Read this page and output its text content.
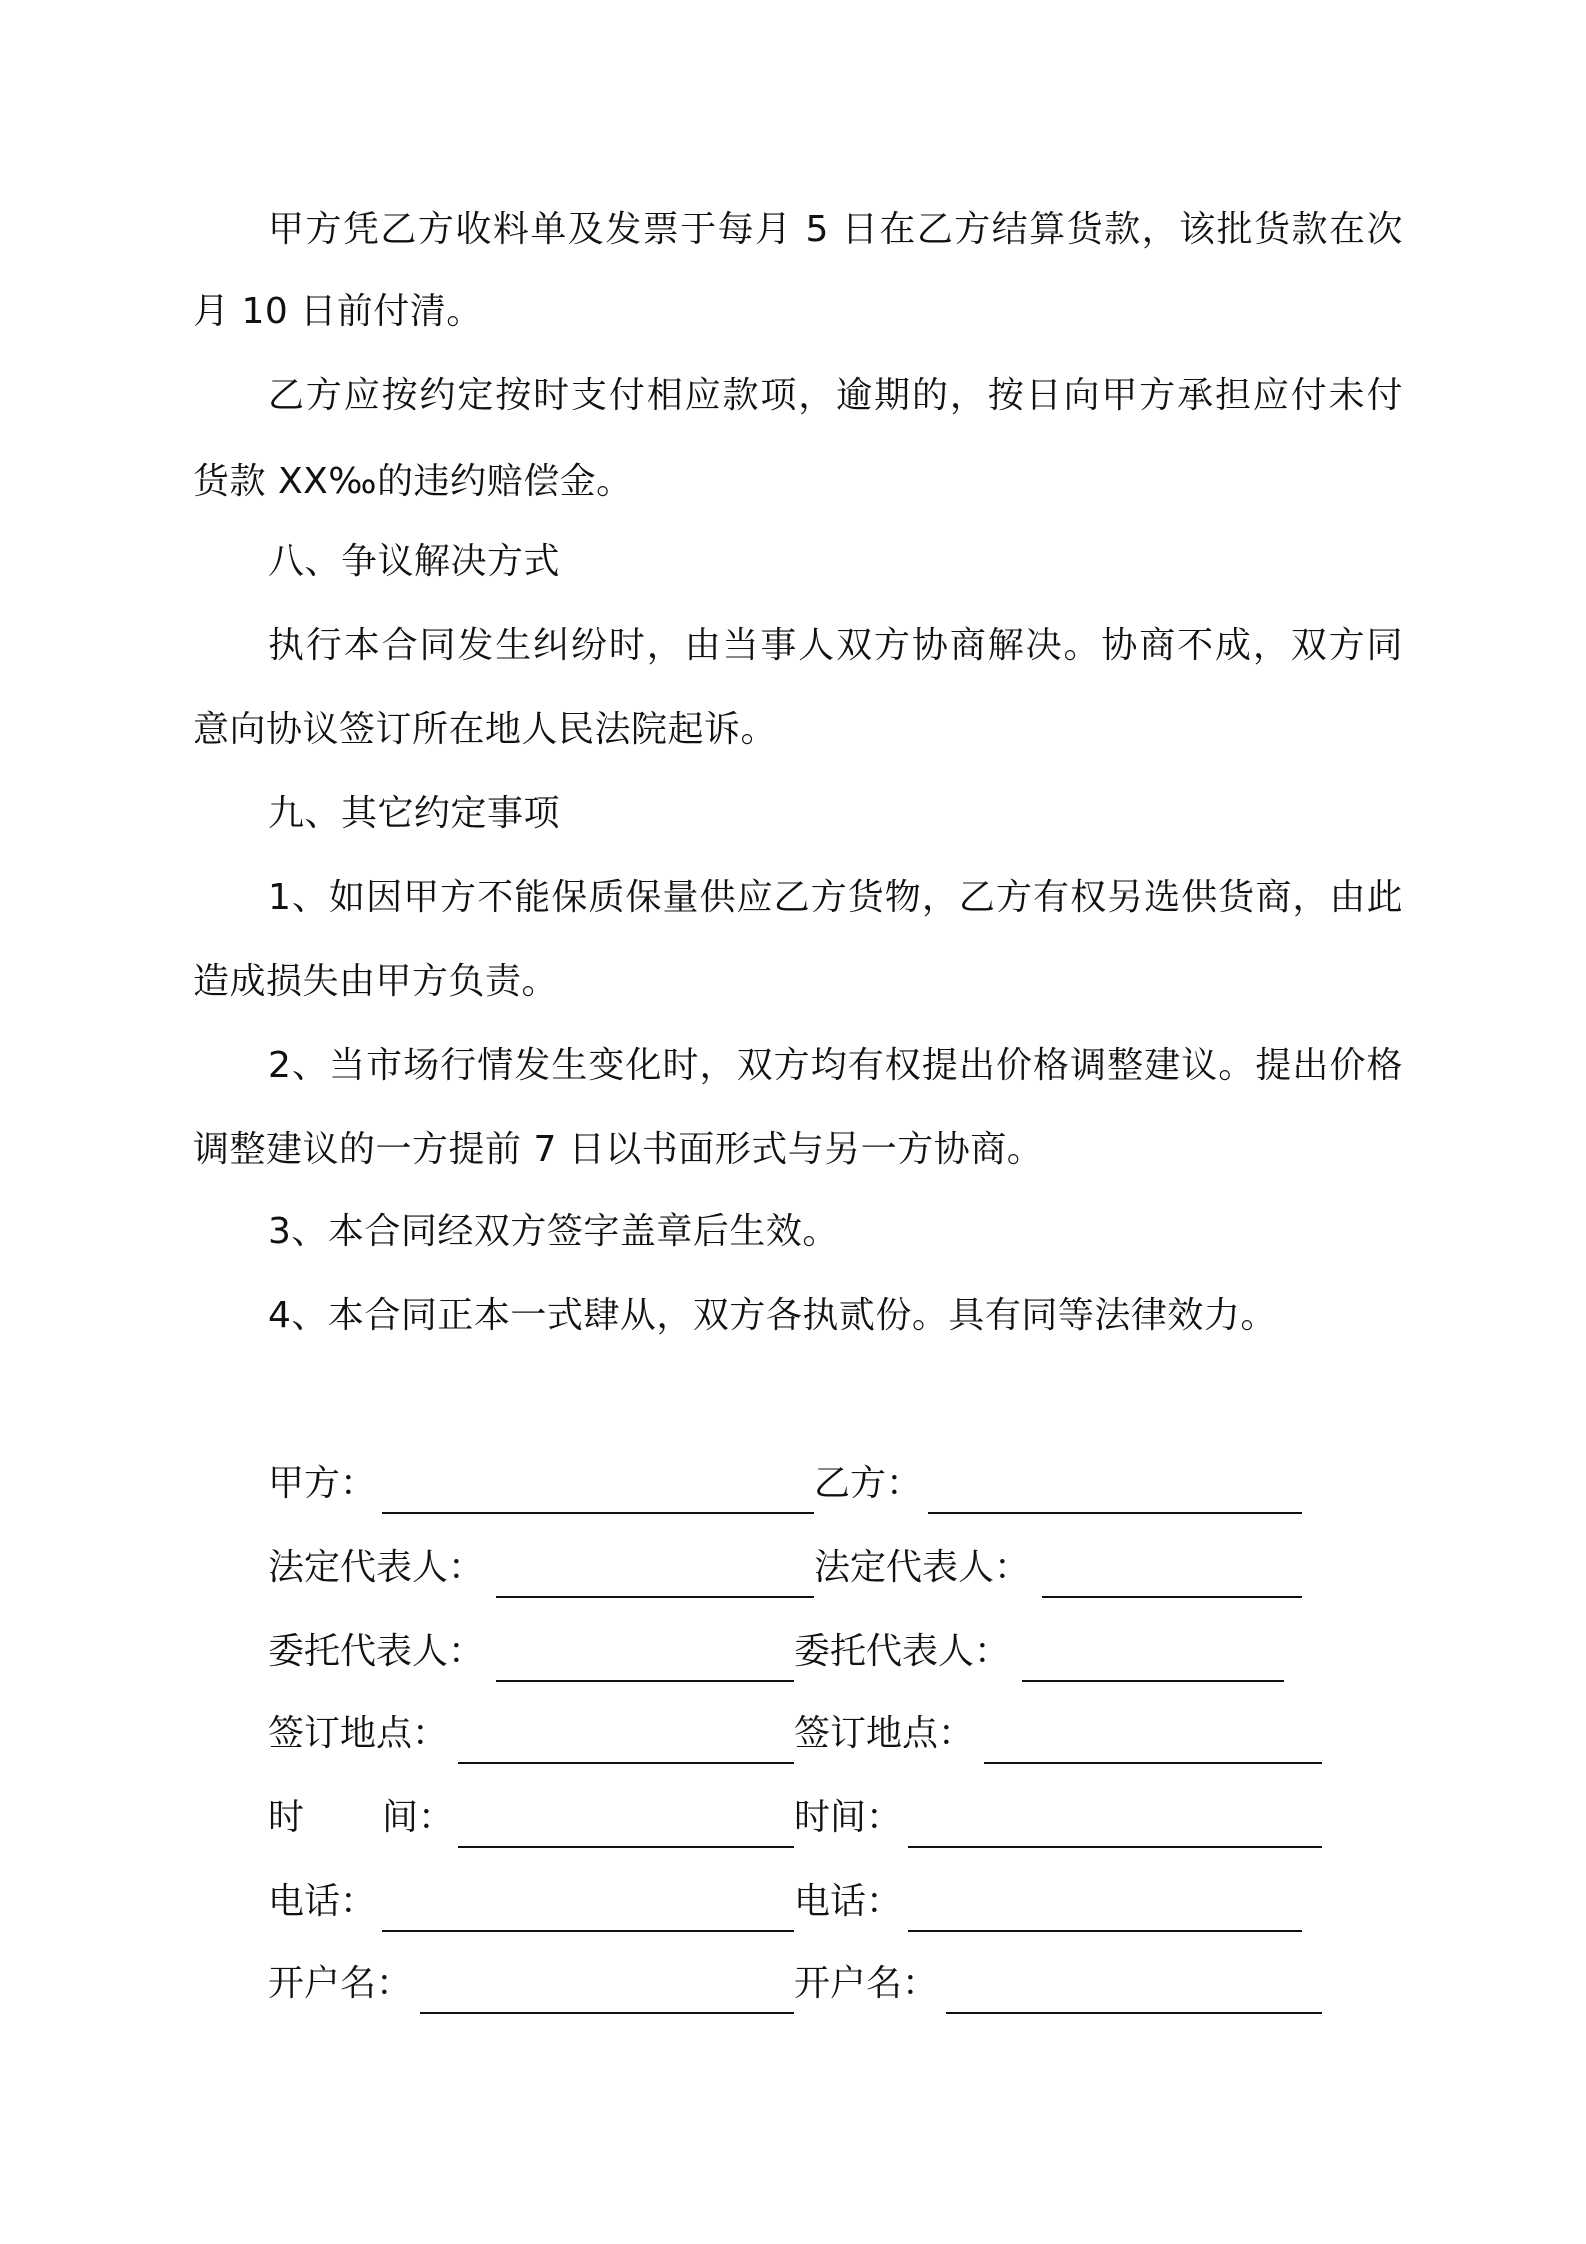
甲方凭乙方收料单及发票于每月 5 日在乙方结算货款，该批货款在次
月 10 日前付清。
乙方应按约定按时支付相应款项，逾期的，按日向甲方承担应付未付
货款 XX‰的违约赔偿金。
八、争议解决方式
执行本合同发生纠纷时，由当事人双方协商解决。协商不成，双方同
意向协议签订所在地人民法院起诉。
九、其它约定事项
1、如因甲方不能保质保量供应乙方货物，乙方有权另选供货商，由此
造成损失由甲方负责。
2、当市场行情发生变化时，双方均有权提出价格调整建议。提出价格
调整建议的一方提前 7 日以书面形式与另一方协商。
3、本合同经双方签字盖章后生效。
4、本合同正本一式肆从，双方各执贰份。具有同等法律效力。
甲方：
法定代表人：
委托代表人：
签订地点：
时 间：
电话：
开户名：
乙方：
法定代表人：
委托代表人：
签订地点：
时间：
电话：
开户名：
